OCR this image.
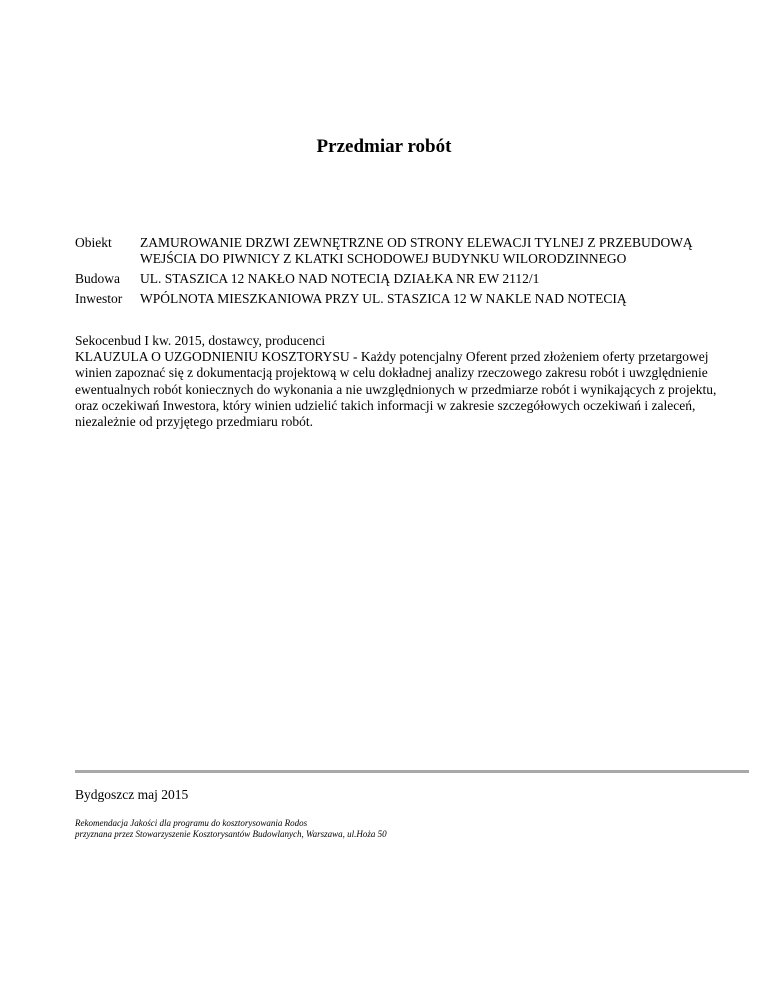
Przedmiar robót
Obiekt	ZAMUROWANIE DRZWI ZEWNĘTRZNE OD STRONY ELEWACJI TYLNEJ Z PRZEBUDOWĄ
WEJŚCIA DO PIWNICY Z KLATKI SCHODOWEJ BUDYNKU WILORODZINNEGO

Budowa	UL. STASZICA 12 NAKŁO NAD NOTECIĄ DZIAŁKA NR EW 2112/1

Inwestor	WPÓLNOTA MIESZKANIOWA PRZY UL. STASZICA 12 W NAKLE NAD NOTECIĄ
Sekocenbud I kw. 2015, dostawcy, producenci
KLAUZULA O UZGODNIENIU KOSZTORYSU - Każdy potencjalny Oferent przed złożeniem oferty przetargowej winien zapoznać się z dokumentacją projektową w celu dokładnej analizy rzeczowego zakresu robót i uwzględnienie ewentualnych robót koniecznych do wykonania a nie uwzględnionych w przedmiarze robót i wynikających z projektu, oraz oczekiwań Inwestora, który winien udzielić takich informacji w zakresie szczegółowych oczekiwań i zaleceń, niezależnie od przyjętego przedmiaru robót.
Bydgoszcz maj 2015
Rekomendacja Jakości dla programu do kosztorysowania Rodos
przyznana przez Stowarzyszenie Kosztorysantów Budowlanych, Warszawa, ul.Hoża 50
